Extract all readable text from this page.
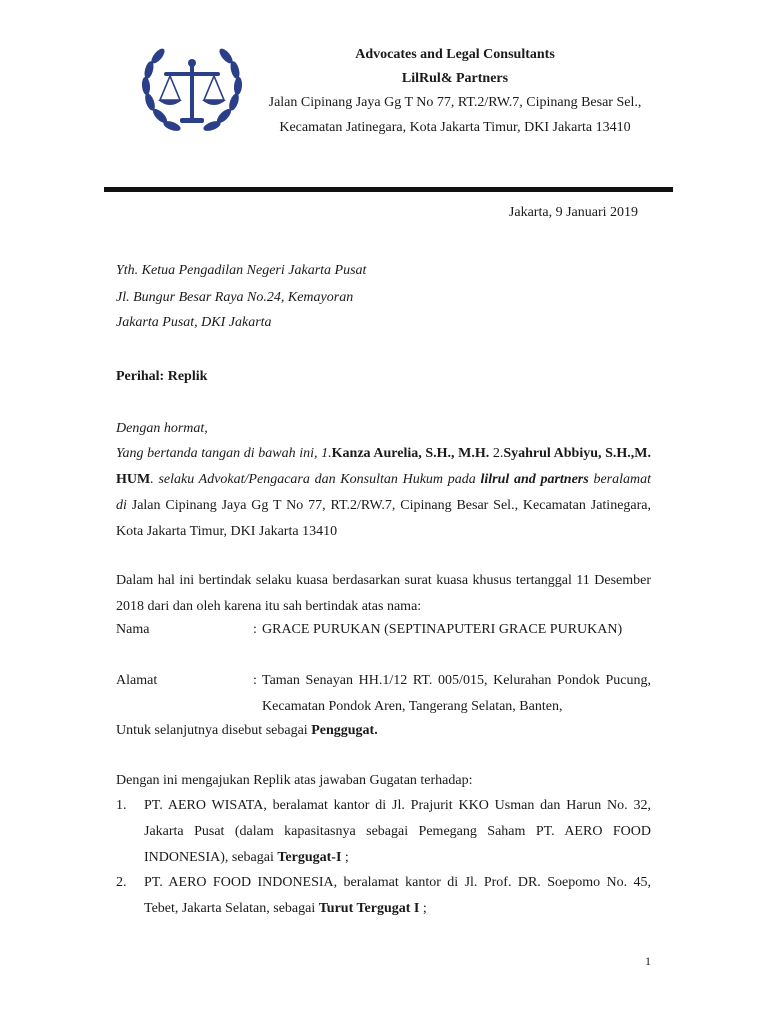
Advocates and Legal Consultants
LilRul& Partners
Jalan Cipinang Jaya Gg T No 77, RT.2/RW.7, Cipinang Besar Sel., Kecamatan Jatinegara, Kota Jakarta Timur, DKI Jakarta 13410
Jakarta, 9 Januari 2019
Yth. Ketua Pengadilan Negeri Jakarta Pusat
Jl. Bungur Besar Raya No.24, Kemayoran
Jakarta Pusat, DKI Jakarta
Perihal: Replik
Dengan hormat,
Yang bertanda tangan di bawah ini, 1.Kanza Aurelia, S.H., M.H. 2.Syahrul Abbiyu, S.H.,M. HUM. selaku Advokat/Pengacara dan Konsultan Hukum pada lilrul and partners beralamat di Jalan Cipinang Jaya Gg T No 77, RT.2/RW.7, Cipinang Besar Sel., Kecamatan Jatinegara, Kota Jakarta Timur, DKI Jakarta 13410
Dalam hal ini bertindak selaku kuasa berdasarkan surat kuasa khusus tertanggal 11 Desember 2018 dari dan oleh karena itu sah bertindak atas nama:
Nama	: GRACE PURUKAN (SEPTINAPUTERI GRACE PURUKAN)
Alamat	: Taman Senayan HH.1/12 RT. 005/015, Kelurahan Pondok Pucung, Kecamatan Pondok Aren, Tangerang Selatan, Banten,
Untuk selanjutnya disebut sebagai Penggugat.
Dengan ini mengajukan Replik atas jawaban Gugatan terhadap:
1. PT. AERO WISATA, beralamat kantor di Jl. Prajurit KKO Usman dan Harun No. 32, Jakarta Pusat (dalam kapasitasnya sebagai Pemegang Saham PT. AERO FOOD INDONESIA), sebagai Tergugat-I ;
2. PT. AERO FOOD INDONESIA, beralamat kantor di Jl. Prof. DR. Soepomo No. 45, Tebet, Jakarta Selatan, sebagai Turut Tergugat I ;
1
